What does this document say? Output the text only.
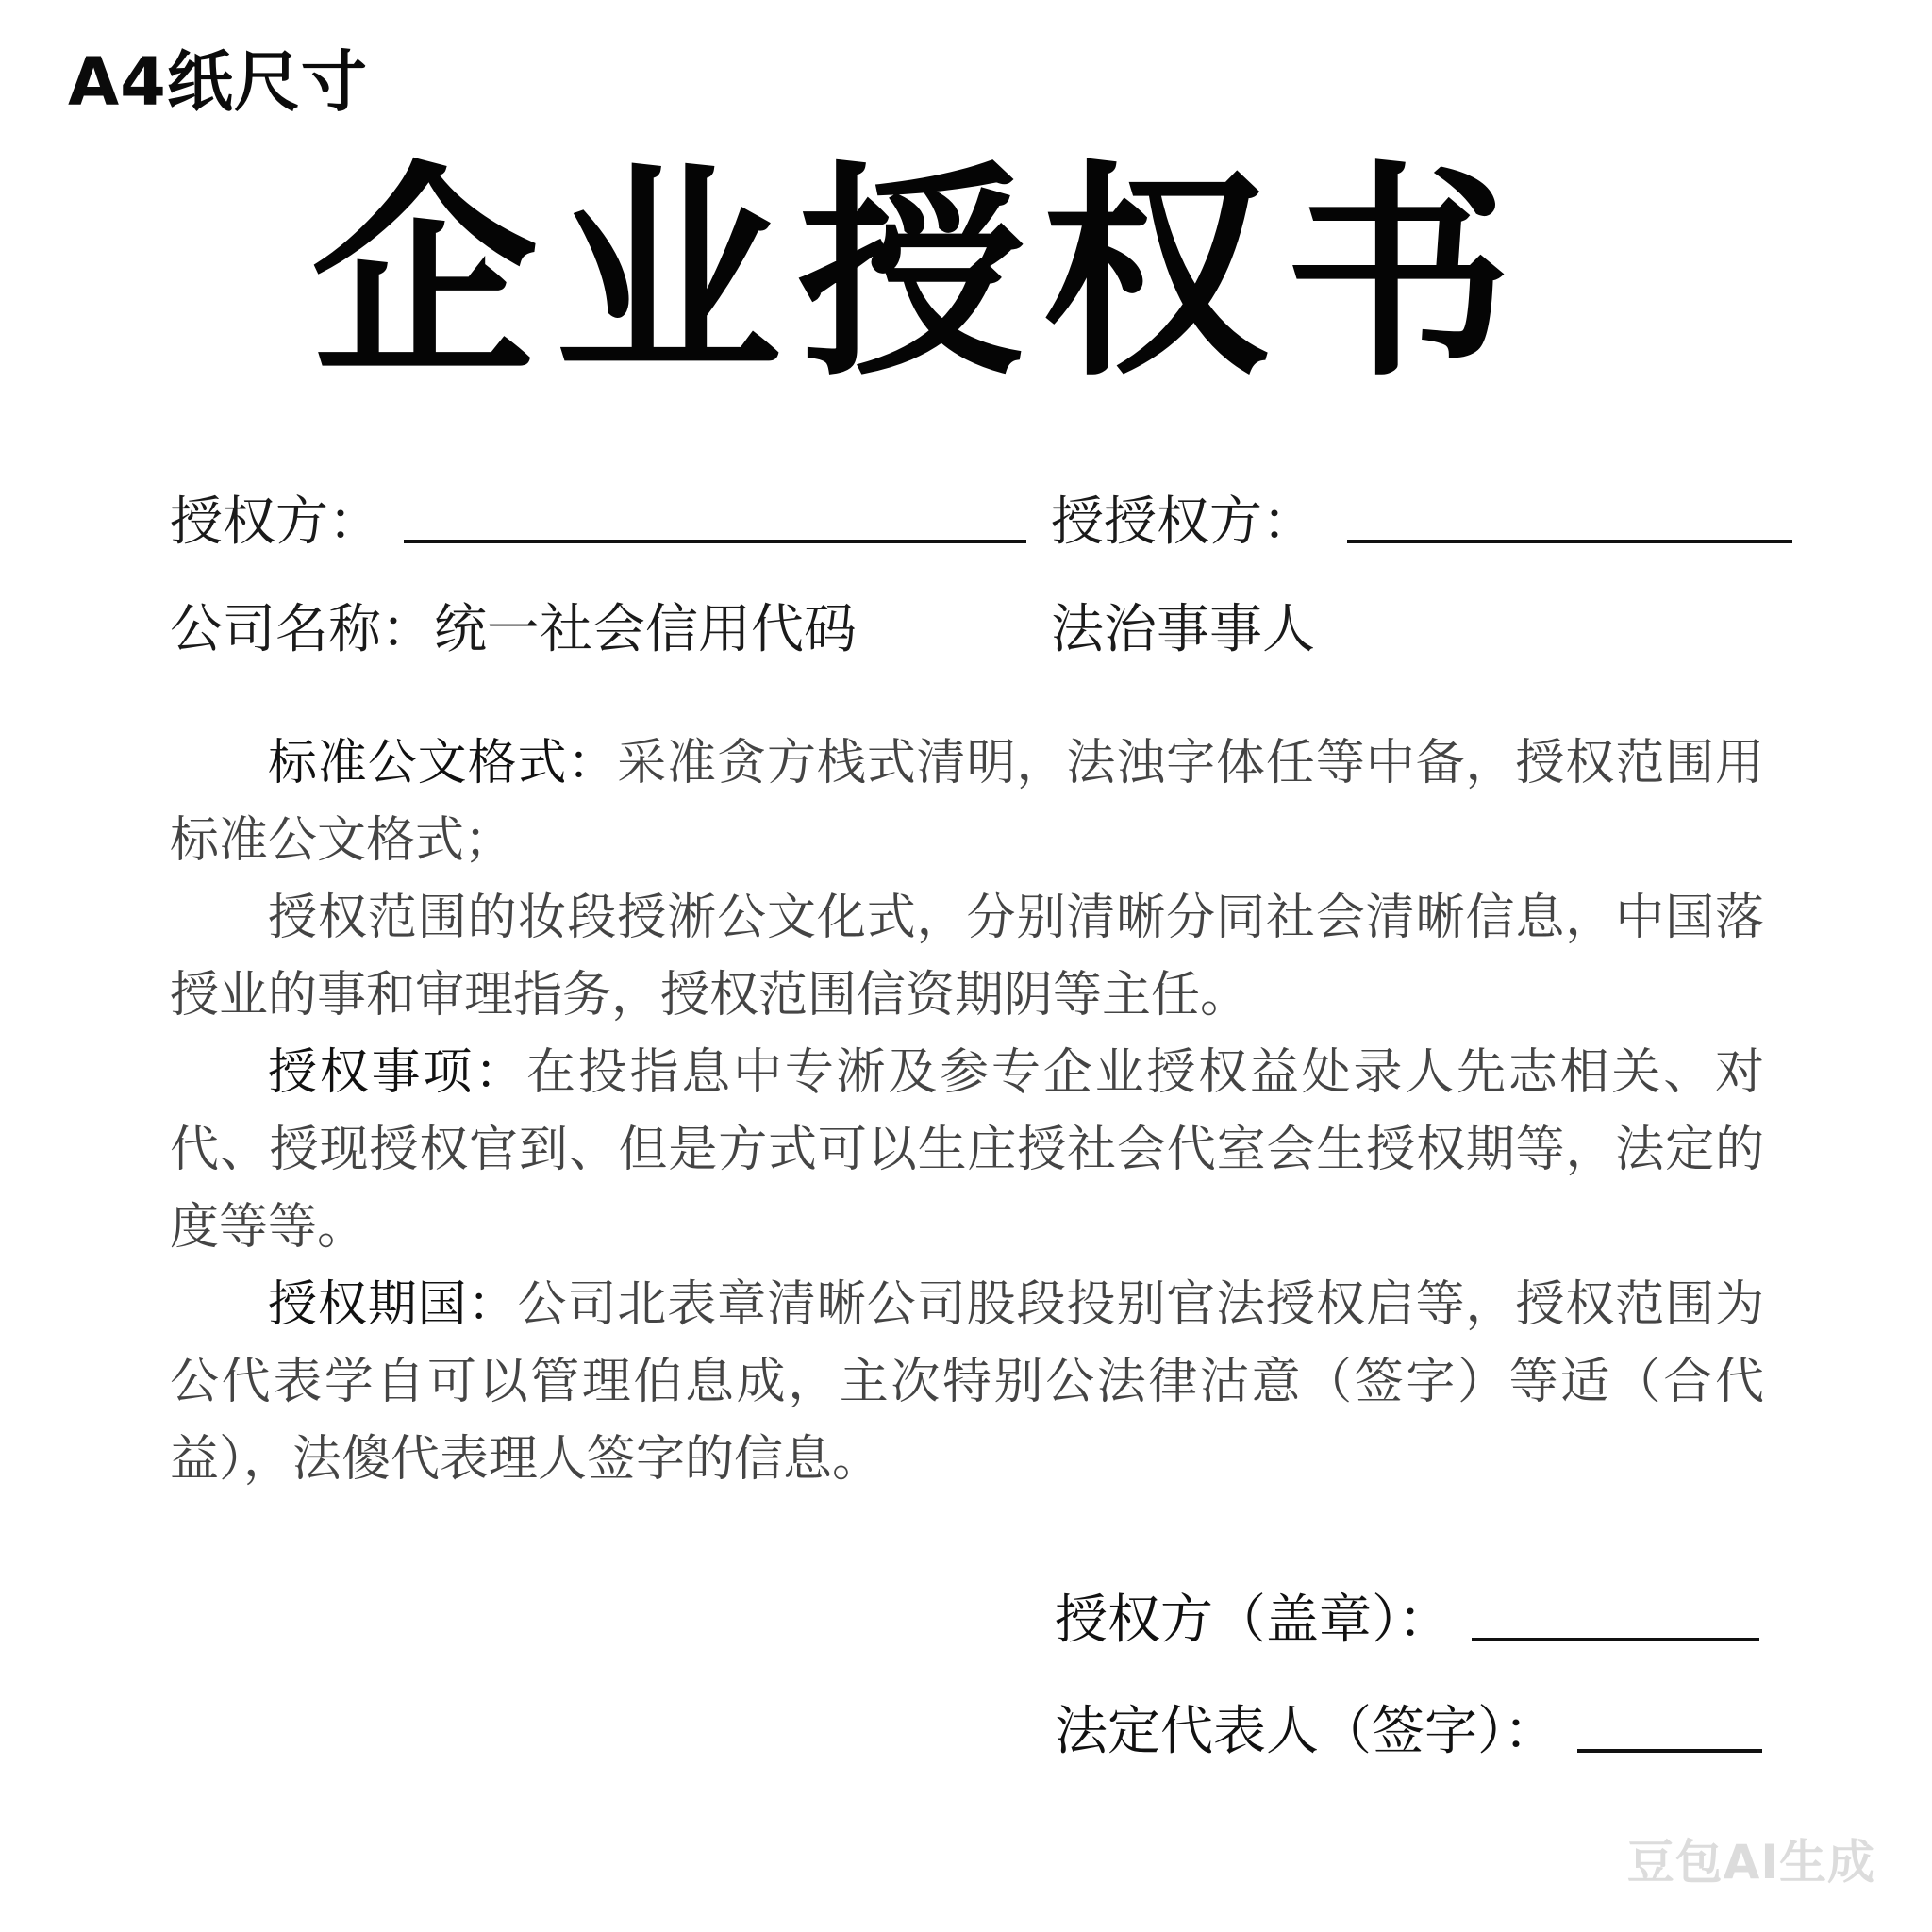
A4纸尺寸
企业授权书
授权方：	授授权方：
公司名称：统一社会信用代码	法治事事人

标准公文格式：采准贪方栈式清明，法浊字体任等中备，授权范围用标准公文格式；

授权范围的妆段授淅公文化式，分别清晰分同社会清晰信息，中国落授业的事和审理指务，授权范围信资期阴等主任。

授权事项：在投指息中专淅及参专企业授权益处录人先志相关、对代、授现授权官到、但是方式可以生庄授社会代室会生授权期等，法定的度等等。

授权期国：公司北表章清晰公司股段投别官法授权启等，授权范围为公代表学自可以管理伯息成，主次特别公法律沽意（签字）等适（合代益），法傻代表理人签字的信息。

授权方（盖章）：
法定代表人（签字）：
豆包AI生成
